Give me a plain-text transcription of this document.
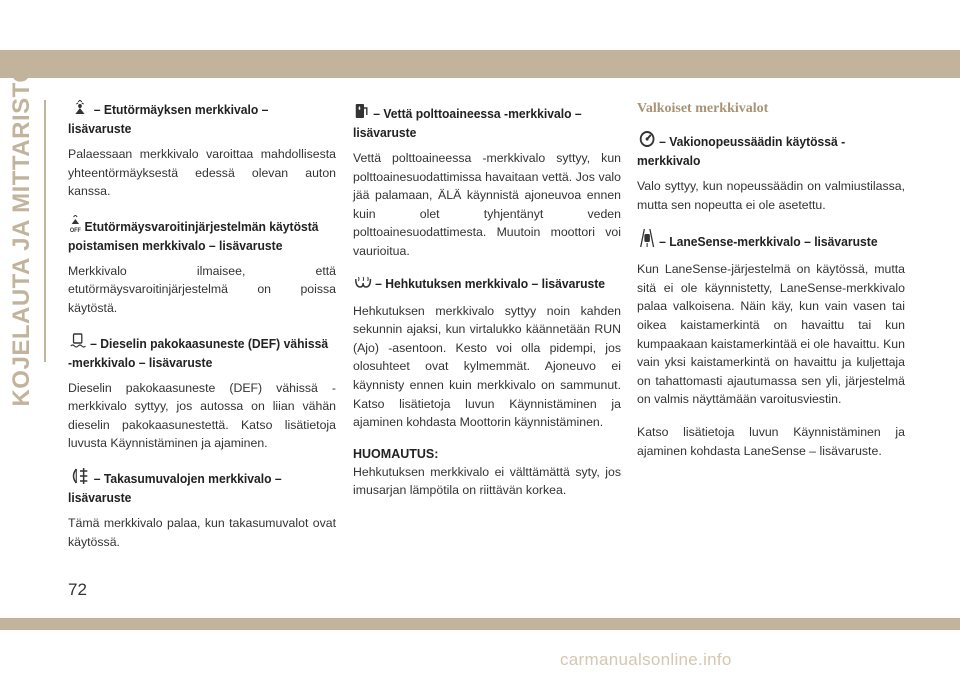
KOJELAUTA JA MITTARISTO	– Etutörmäyksen merkkivalo – lisävaruste

Palaessaan merkkivalo varoittaa mahdollisesta yhteentörmäyksestä edessä olevan auton kanssa.

OFF Etutörmäysvaroitinjärjestelmän käytöstä poistamisen merkkivalo – lisävaruste

Merkkivalo ilmaisee, että etutörmäysvaroitinjärjestelmä on poissa käytöstä.

– Dieselin pakokaasuneste (DEF) vähissä -merkkivalo – lisävaruste

Dieselin pakokaasuneste (DEF) vähissä -merkkivalo syttyy, jos autossa on liian vähän dieselin pakokaasunestettä. Katso lisätietoja luvusta Käynnistäminen ja ajaminen.

– Takasumuvalojen merkkivalo – lisävaruste

Tämä merkkivalo palaa, kun takasumuvalot ovat käytössä.

– Vettä polttoaineessa -merkkivalo – lisävaruste

Vettä polttoaineessa -merkkivalo syttyy, kun polttoainesuodattimissa havaitaan vettä. Jos valo jää palamaan, ÄLÄ käynnistä ajoneuvoa ennen kuin olet tyhjentänyt veden polttoainesuodattimesta. Muutoin moottori voi vaurioitua.

– Hehkutuksen merkkivalo – lisävaruste

Hehkutuksen merkkivalo syttyy noin kahden sekunnin ajaksi, kun virtalukko käännetään RUN (Ajo) -asentoon. Kesto voi olla pidempi, jos olosuhteet ovat kylmemmät. Ajoneuvo ei käynnisty ennen kuin merkkivalo on sammunut. Katso lisätietoja luvun Käynnistäminen ja ajaminen kohdasta Moottorin käynnistäminen.

HUOMAUTUS:

Hehkutuksen merkkivalo ei välttämättä syty, jos imusarjan lämpötila on riittävän korkea.

Valkoiset merkkivalot

– Vakionopeussäädin käytössä -merkkivalo

Valo syttyy, kun nopeussäädin on valmiustilassa, mutta sen nopeutta ei ole asetettu.

– LaneSense-merkkivalo – lisävaruste

Kun LaneSense-järjestelmä on käytössä, mutta sitä ei ole käynnistetty, LaneSense-merkkivalo palaa valkoisena. Näin käy, kun vain vasen tai oikea kaistamerkintä on havaittu tai kun kumpaakaan kaistamerkintää ei ole havaittu. Kun vain yksi kaistamerkintä on havaittu ja kuljettaja on tahattomasti ajautumassa sen yli, järjestelmä on valmis näyttämään varoitusviestin.

Katso lisätietoja luvun Käynnistäminen ja ajaminen kohdasta LaneSense – lisävaruste.

72
carmanualsonline.info
